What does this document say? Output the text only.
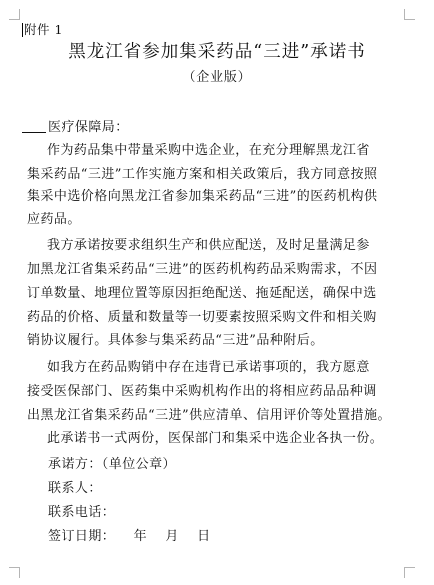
附件 1
黑龙江省参加集采药品“三进”承诺书
（企业版）
医疗保障局：
作为药品集中带量采购中选企业，在充分理解黑龙江省
集采药品“三进”工作实施方案和相关政策后，我方同意按照
集采中选价格向黑龙江省参加集采药品“三进”的医药机构供
应药品。
我方承诺按要求组织生产和供应配送，及时足量满足参
加黑龙江省集采药品“三进”的医药机构药品采购需求，不因
订单数量、地理位置等原因拒绝配送、拖延配送，确保中选
药品的价格、质量和数量等一切要素按照采购文件和相关购
销协议履行。具体参与集采药品“三进”品种附后。
如我方在药品购销中存在违背已承诺事项的，我方愿意
接受医保部门、医药集中采购机构作出的将相应药品品种调
出黑龙江省集采药品“三进”供应清单、信用评价等处置措施。
此承诺书一式两份，医保部门和集采中选企业各执一份。
承诺方：（单位公章）
联系人：
联系电话：
签订日期：    年    月    日
